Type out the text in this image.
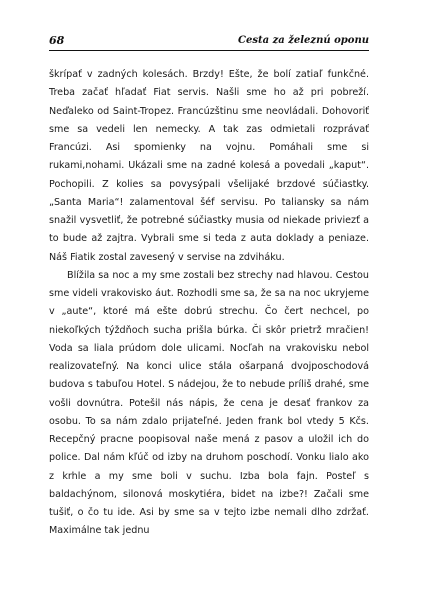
68	Cesta za železnú oponu

škrípať v zadných kolesách. Brzdy! Ešte, že bolí zatiaľ funkčné. Treba začať hľadať Fiat servis. Našli sme ho až pri pobreží. Neďaleko od Saint-Tropez. Francúzštinu sme neovládali. Dohovoriť sme sa vedeli len nemecky. A tak zas odmietali rozprávať Francúzi. Asi spomienky na vojnu. Pomáhali sme si rukami,nohami. Ukázali sme na zadné kolesá a povedali „kaput“. Pochopili. Z kolies sa povysýpali všelijaké brzdové súčiastky. „Santa Maria“! zalamentoval šéf servisu. Po taliansky sa nám snažil vysvetliť, že potrebné súčiastky musia od niekade priviezť a to bude až zajtra. Vybrali sme si teda z auta doklady a peniaze. Náš Fiatik zostal zavesený v servise na zdviháku.

Blížila sa noc a my sme zostali bez strechy nad hlavou. Cestou sme videli vrakovisko áut. Rozhodli sme sa, že sa na noc ukryjeme v „aute“, ktoré má ešte dobrú strechu. Čo čert nechcel, po niekoľkých týždňoch sucha prišla búrka. Či skôr prietrž mračien! Voda sa liala prúdom dole ulicami. Nocľah na vrakovisku nebol realizovateľný. Na konci ulice stála ošarpaná dvojposchodová budova s tabuľou Hotel. S nádejou, že to nebude príliš drahé, sme vošli dovnútra. Potešil nás nápis, že cena je desať frankov za osobu. To sa nám zdalo prijateľné. Jeden frank bol vtedy 5 Kčs. Recepčný pracne poopisoval naše mená z pasov a uložil ich do police. Dal nám kľúč od izby na druhom poschodí. Vonku lialo ako z krhle a my sme boli v suchu. Izba bola fajn. Posteľ s baldachýnom, silonová moskytiéra, bidet na izbe?! Začali sme tušiť, o čo tu ide. Asi by sme sa v tejto izbe nemali dlho zdržať. Maximálne tak jednu
